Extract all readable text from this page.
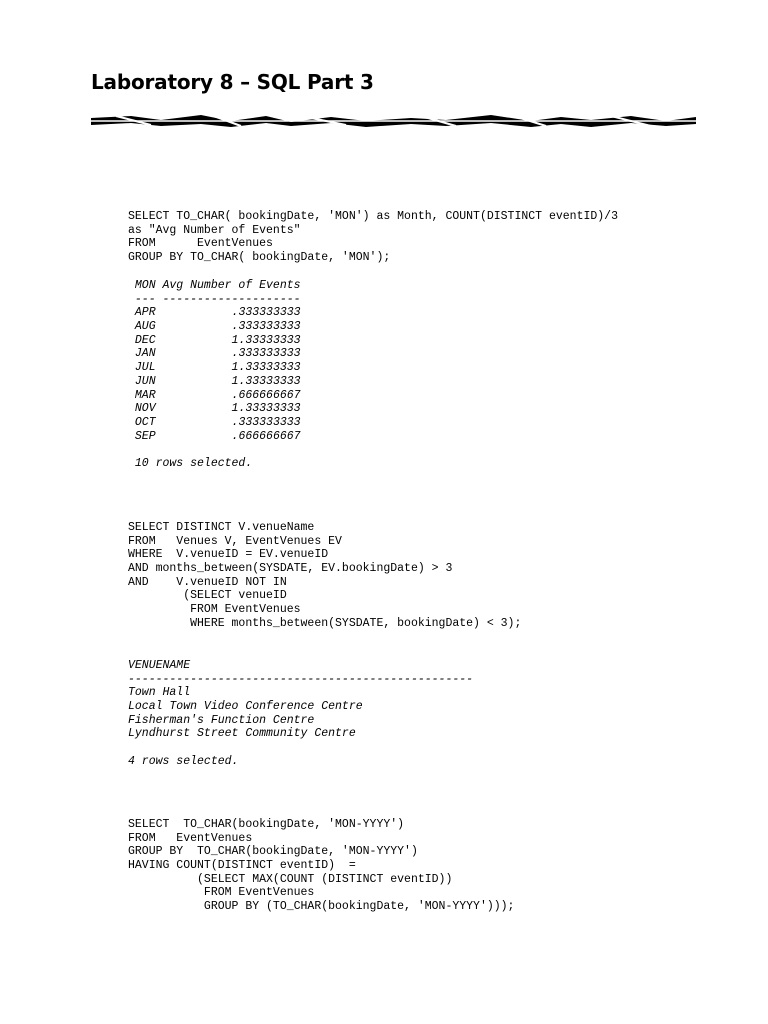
Laboratory 8 – SQL Part 3
SELECT TO_CHAR( bookingDate, 'MON') as Month, COUNT(DISTINCT eventID)/3
as "Avg Number of Events"
FROM      EventVenues
GROUP BY TO_CHAR( bookingDate, 'MON');
MON Avg Number of Events
--- --------------------
APR	.333333333
AUG	.333333333
DEC	1.33333333
JAN	.333333333
JUL	1.33333333
JUN	1.33333333
MAR	.666666667
NOV	1.33333333
OCT	.333333333
SEP	.666666667
10 rows selected.
SELECT DISTINCT V.venueName
FROM   Venues V, EventVenues EV
WHERE  V.venueID = EV.venueID
AND months_between(SYSDATE, EV.bookingDate) > 3
AND    V.venueID NOT IN
(SELECT venueID
FROM EventVenues
WHERE months_between(SYSDATE, bookingDate) < 3);
VENUENAME
--------------------------------------------------
Town Hall
Local Town Video Conference Centre
Fisherman's Function Centre
Lyndhurst Street Community Centre
4 rows selected.
SELECT  TO_CHAR(bookingDate, 'MON-YYYY')
FROM   EventVenues
GROUP BY  TO_CHAR(bookingDate, 'MON-YYYY')
HAVING COUNT(DISTINCT eventID)  =
(SELECT MAX(COUNT (DISTINCT eventID))
FROM EventVenues
GROUP BY (TO_CHAR(bookingDate, 'MON-YYYY')));
